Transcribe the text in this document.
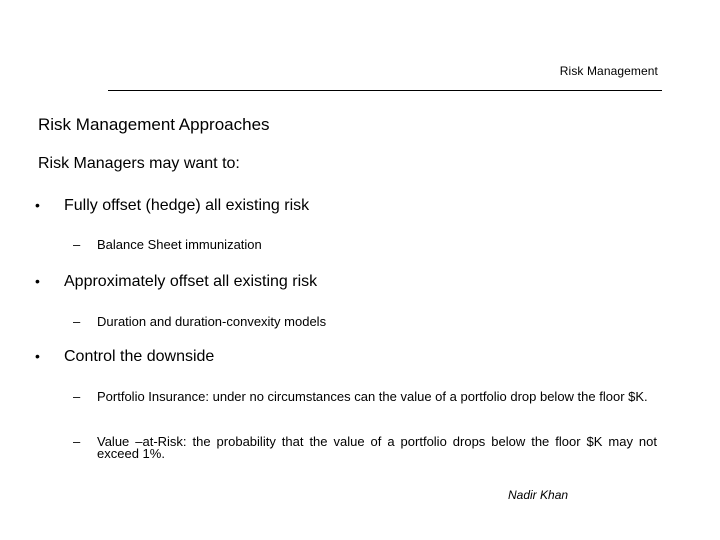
Risk Management
Risk Management Approaches
Risk Managers may want to:
•	Fully offset (hedge) all existing risk
–	Balance Sheet immunization
•	Approximately offset all existing risk
–	Duration and duration-convexity models
•	Control the downside
–	Portfolio Insurance: under no circumstances can the value of a portfolio drop below the floor $K.
–	Value –at-Risk: the probability that the value of a portfolio drops below the floor $K may not exceed 1%.
Nadir Khan
